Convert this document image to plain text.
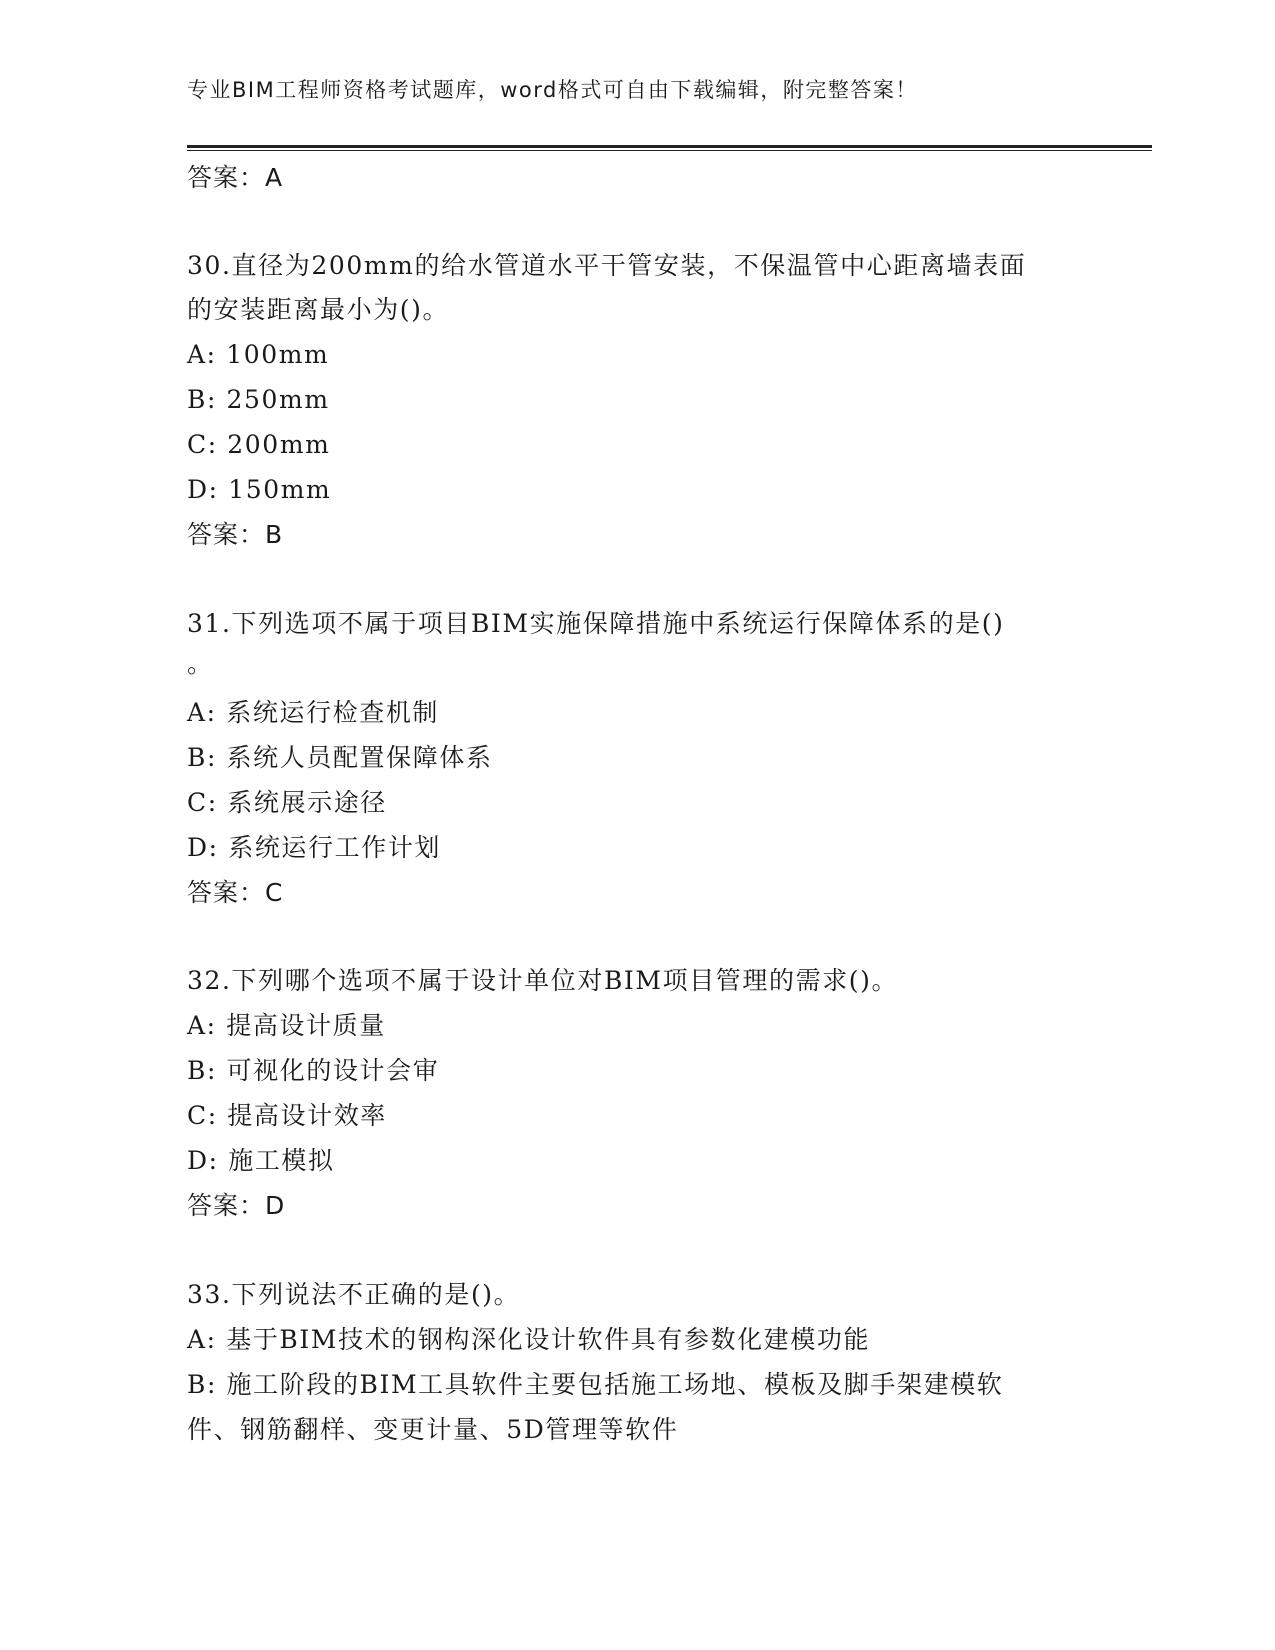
专业BIM工程师资格考试题库，word格式可自由下载编辑，附完整答案！
答案：A
30.直径为200mm的给水管道水平干管安装，不保温管中心距离墙表面
的安装距离最小为()。
A: 100mm
B: 250mm
C: 200mm
D: 150mm
答案：B
31.下列选项不属于项目BIM实施保障措施中系统运行保障体系的是()
。
A: 系统运行检查机制
B: 系统人员配置保障体系
C: 系统展示途径
D: 系统运行工作计划
答案：C
32.下列哪个选项不属于设计单位对BIM项目管理的需求()。
A: 提高设计质量
B: 可视化的设计会审
C: 提高设计效率
D: 施工模拟
答案：D
33.下列说法不正确的是()。
A: 基于BIM技术的钢构深化设计软件具有参数化建模功能
B: 施工阶段的BIM工具软件主要包括施工场地、模板及脚手架建模软
件、钢筋翻样、变更计量、5D管理等软件
